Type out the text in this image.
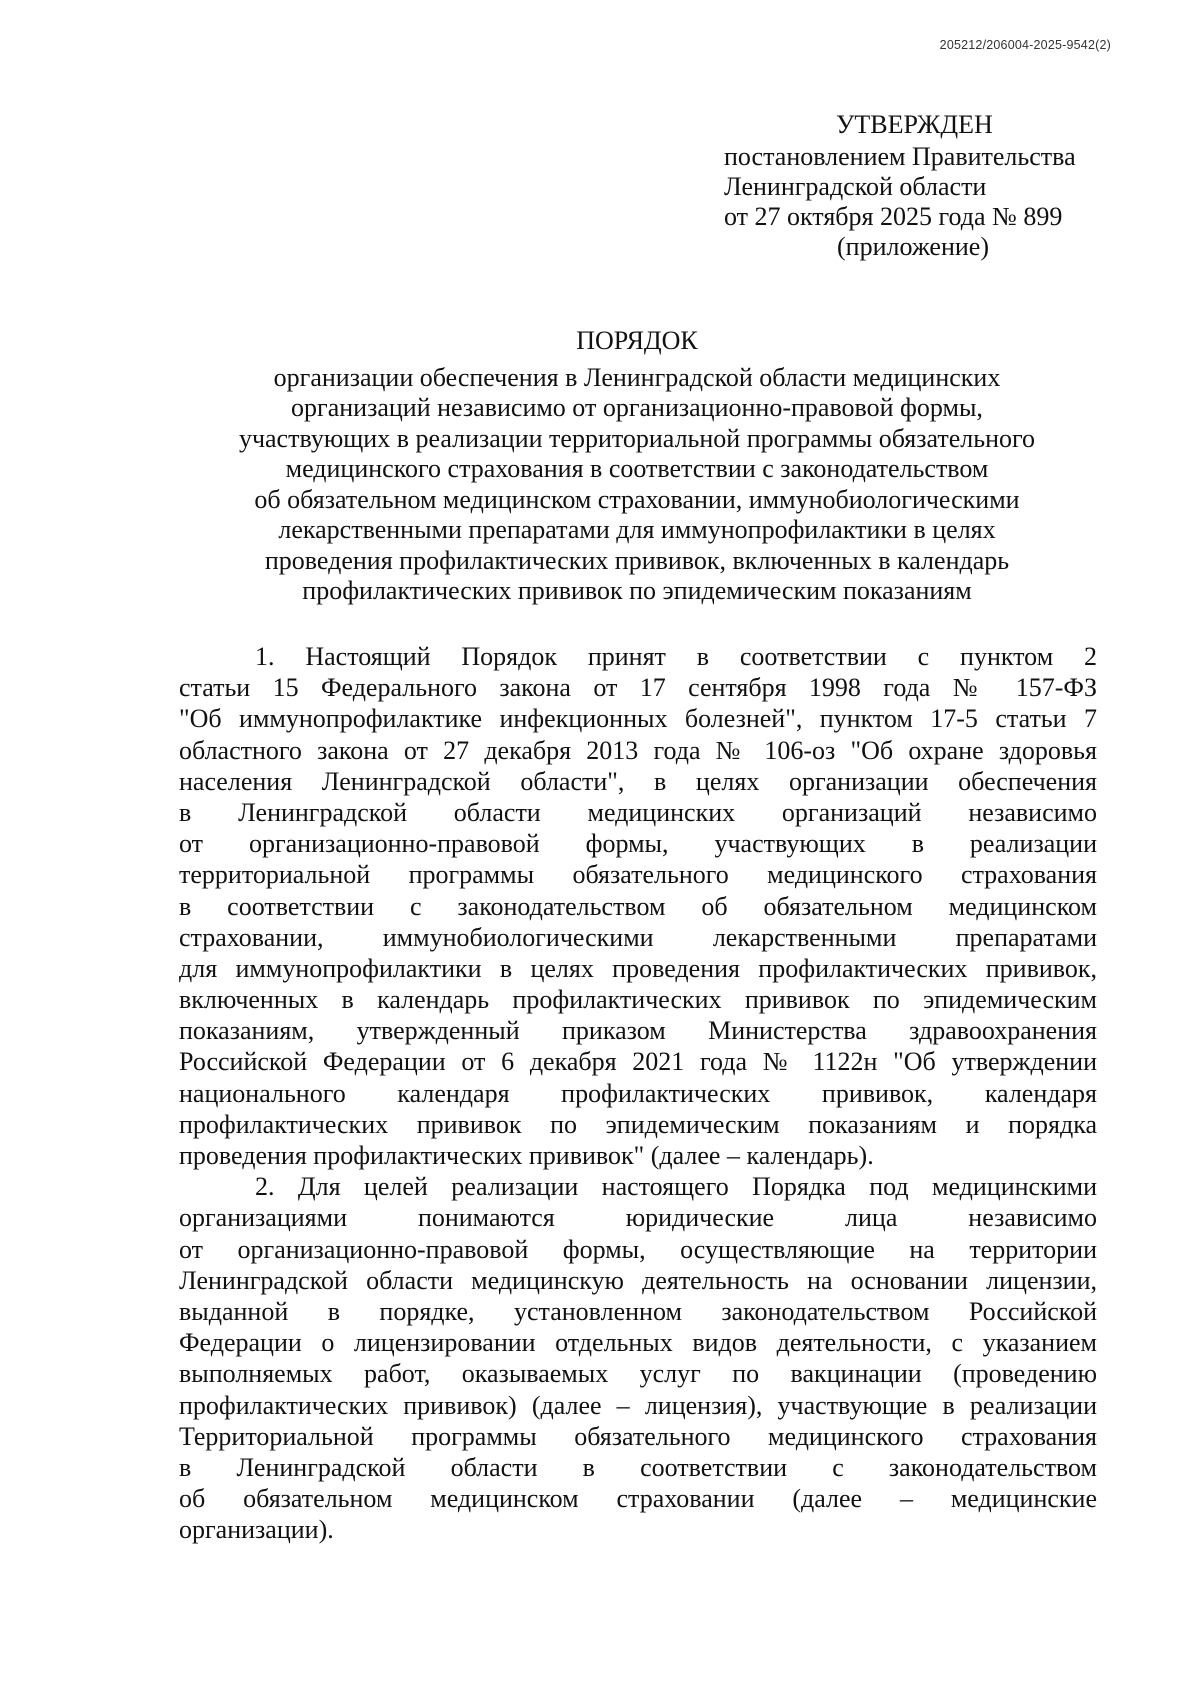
205212/206004-2025-9542(2)
УТВЕРЖДЕН
постановлением Правительства
Ленинградской области
от 27 октября 2025 года № 899
(приложение)
ПОРЯДОК
организации обеспечения в Ленинградской области медицинских
организаций независимо от организационно-правовой формы,
участвующих в реализации территориальной программы обязательного
медицинского страхования в соответствии с законодательством
об обязательном медицинском страховании, иммунобиологическими
лекарственными препаратами для иммунопрофилактики в целях
проведения профилактических прививок, включенных в календарь
профилактических прививок по эпидемическим показаниям
1. Настоящий Порядок принят в соответствии с пунктом 2
статьи 15 Федерального закона от 17 сентября 1998 года № 157-ФЗ
"Об иммунопрофилактике инфекционных болезней", пунктом 17-5 статьи 7
областного закона от 27 декабря 2013 года № 106-оз "Об охране здоровья
населения Ленинградской области", в целях организации обеспечения
в Ленинградской области медицинских организаций независимо
от организационно-правовой формы, участвующих в реализации
территориальной программы обязательного медицинского страхования
в соответствии с законодательством об обязательном медицинском
страховании, иммунобиологическими лекарственными препаратами
для иммунопрофилактики в целях проведения профилактических прививок,
включенных в календарь профилактических прививок по эпидемическим
показаниям, утвержденный приказом Министерства здравоохранения
Российской Федерации от 6 декабря 2021 года № 1122н "Об утверждении
национального календаря профилактических прививок, календаря
профилактических прививок по эпидемическим показаниям и порядка
проведения профилактических прививок" (далее – календарь).
2. Для целей реализации настоящего Порядка под медицинскими
организациями понимаются юридические лица независимо
от организационно-правовой формы, осуществляющие на территории
Ленинградской области медицинскую деятельность на основании лицензии,
выданной в порядке, установленном законодательством Российской
Федерации о лицензировании отдельных видов деятельности, с указанием
выполняемых работ, оказываемых услуг по вакцинации (проведению
профилактических прививок) (далее – лицензия), участвующие в реализации
Территориальной программы обязательного медицинского страхования
в Ленинградской области в соответствии с законодательством
об обязательном медицинском страховании (далее – медицинские
организации).
